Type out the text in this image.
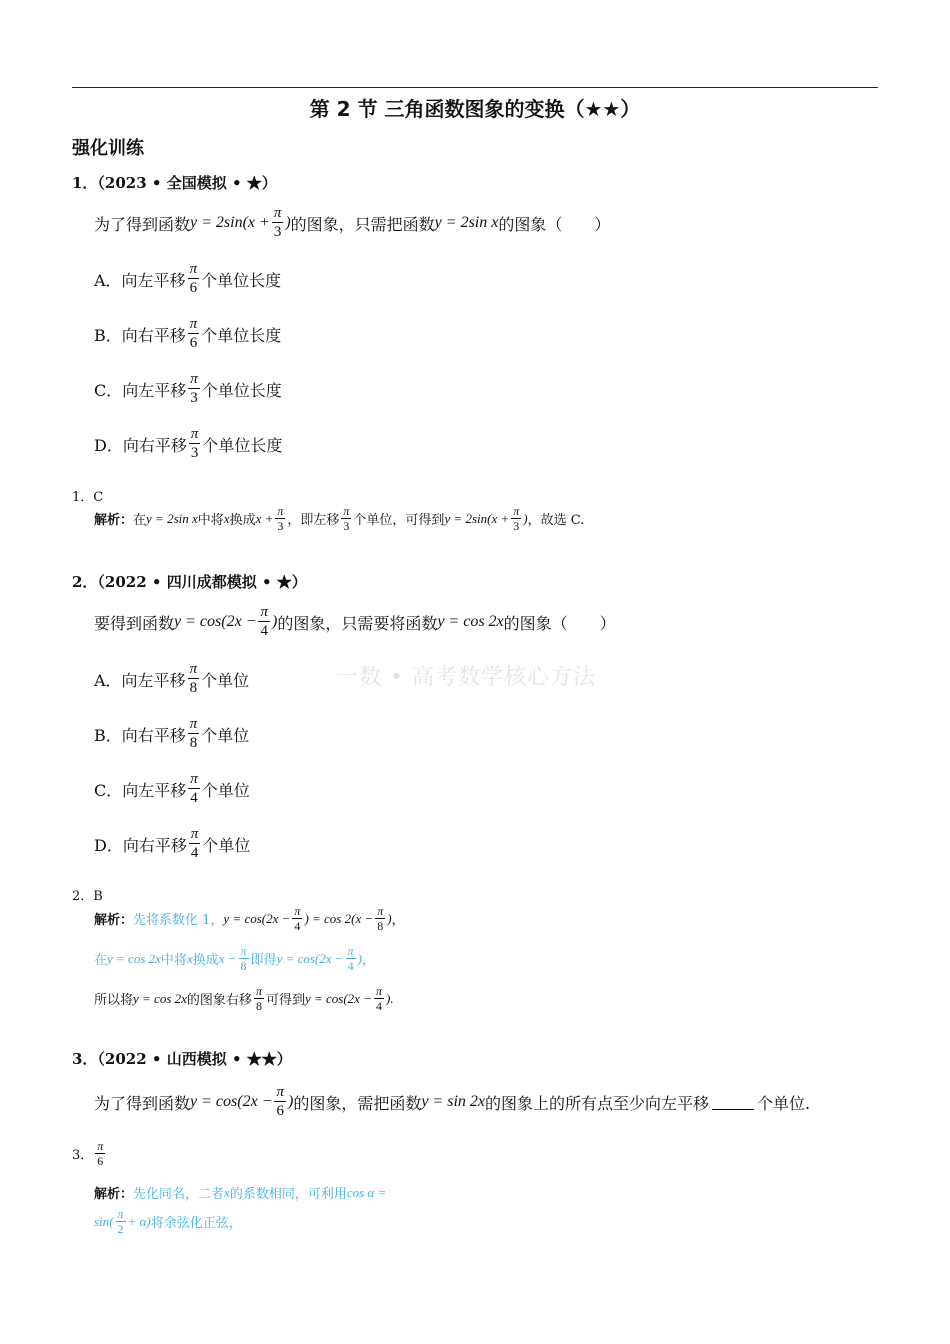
第 2 节 三角函数图象的变换（★★）
强化训练
一数 • 高考数学核心方法
1．（2023 • 全国模拟 • ★）
为了得到函数 $y = 2\sin(x + \frac{\pi}{3}$ ) 的图象，只需把函数 y = 2sin x 的图象（　　）
A．向左平移 $\frac{\pi}{6}$ 个单位长度
B．向右平移 $\frac{\pi}{6}$ 个单位长度
C．向左平移 $\frac{\pi}{3}$ 个单位长度
D．向右平移 $\frac{\pi}{3}$ 个单位长度
1．C
解析： 在 y = 2sin x 中将 x 换成 $x + \frac{\pi}{3}$ ，即左移 $\frac{\pi}{3}$ 个单位，可得到 $y = 2\sin(x + \frac{\pi}{3}$ ) ，故选 C.
2．（2022 • 四川成都模拟 • ★）
要得到函数 $y = \cos(2x - \frac{\pi}{4}$ ) 的图象，只需要将函数 y = cos 2x 的图象（　　）
A．向左平移 $\frac{\pi}{8}$ 个单位
B．向右平移 $\frac{\pi}{8}$ 个单位
C．向左平移 $\frac{\pi}{4}$ 个单位
D．向右平移 $\frac{\pi}{4}$ 个单位
2．B
解析： 先将系数化 1， $y = \cos(2x - \frac{\pi}{4}$ ) = $\cos 2(x - \frac{\pi}{8}$ ) ，
在 y = cos 2x 中将 x 换成 $x - \frac{\pi}{8}$ 即得 $y = \cos(2x - \frac{\pi}{4}$ ) ，
所以将 y = cos 2x 的图象右移 $\frac{\pi}{8}$ 可得到 $y = \cos(2x - \frac{\pi}{4}$ ).
3．（2022 • 山西模拟 • ★★）
为了得到函数 $y = \cos(2x - \frac{\pi}{6}$ ) 的图象，需把函数 y = sin 2x 的图象上的所有点至少向左平移	个单位.
3． $\frac{\pi}{6}$
解析： 先化同名，二者 x 的系数相同，可利用 cos α =
$\sin( \frac{\pi}{2} + \alpha)$ 将余弦化正弦，
